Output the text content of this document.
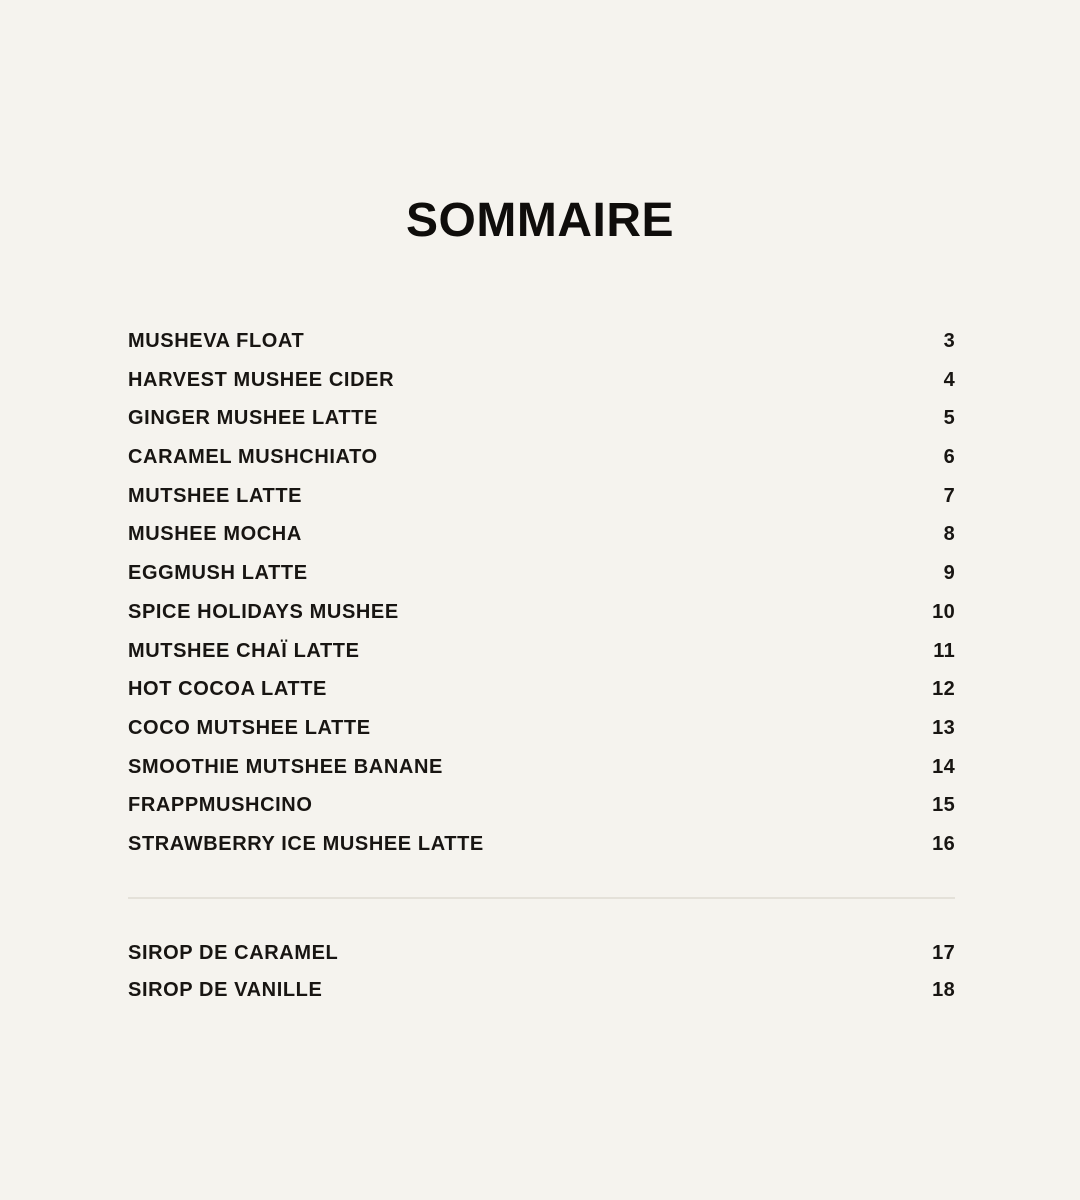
SOMMAIRE
MUSHEVA FLOAT	3
HARVEST MUSHEE CIDER	4
GINGER MUSHEE LATTE	5
CARAMEL MUSHCHIATO	6
MUTSHEE LATTE	7
MUSHEE MOCHA	8
EGGMUSH LATTE	9
SPICE HOLIDAYS MUSHEE	10
MUTSHEE CHAÏ LATTE	11
HOT COCOA LATTE	12
COCO MUTSHEE LATTE	13
SMOOTHIE MUTSHEE BANANE	14
FRAPPMUSHCINO	15
STRAWBERRY ICE MUSHEE LATTE	16
SIROP DE CARAMEL	17
SIROP DE VANILLE	18
